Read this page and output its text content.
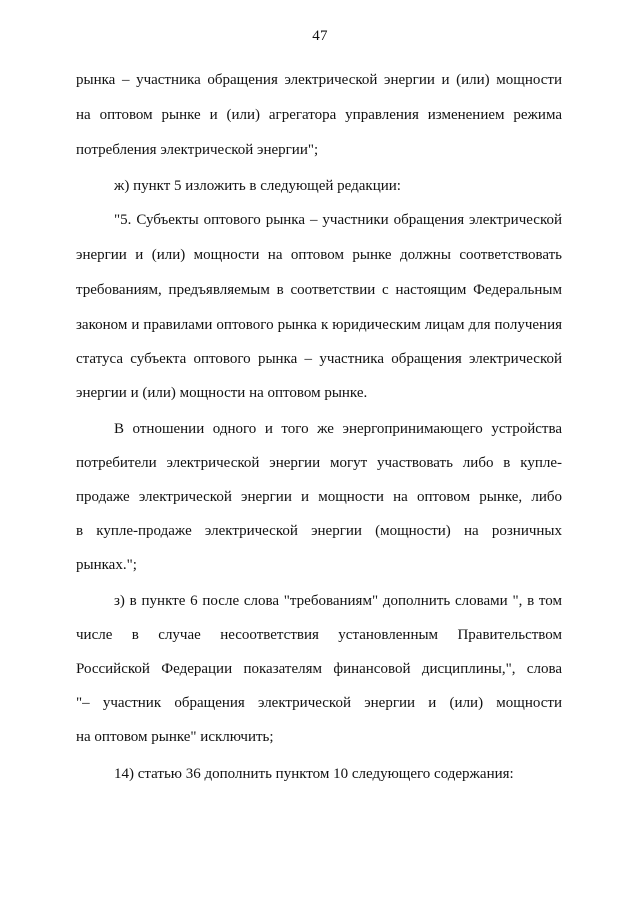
47
рынка – участника обращения электрической энергии и (или) мощности
на оптовом рынке и (или) агрегатора управления изменением режима
потребления электрической энергии";
ж) пункт 5 изложить в следующей редакции:
"5. Субъекты оптового рынка – участники обращения электрической
энергии и (или) мощности на оптовом рынке должны соответствовать
требованиям, предъявляемым в соответствии с настоящим Федеральным
законом и правилами оптового рынка к юридическим лицам для получения
статуса субъекта оптового рынка – участника обращения электрической
энергии и (или) мощности на оптовом рынке.
В отношении одного и того же энергопринимающего устройства
потребители электрической энергии могут участвовать либо в купле-
продаже электрической энергии и мощности на оптовом рынке, либо
в купле-продаже электрической энергии (мощности) на розничных
рынках.";
з) в пункте 6 после слова "требованиям" дополнить словами ", в том
числе в случае несоответствия установленным Правительством
Российской Федерации показателям финансовой дисциплины,", слова
"– участник обращения электрической энергии и (или) мощности
на оптовом рынке" исключить;
14) статью 36 дополнить пунктом 10 следующего содержания:
